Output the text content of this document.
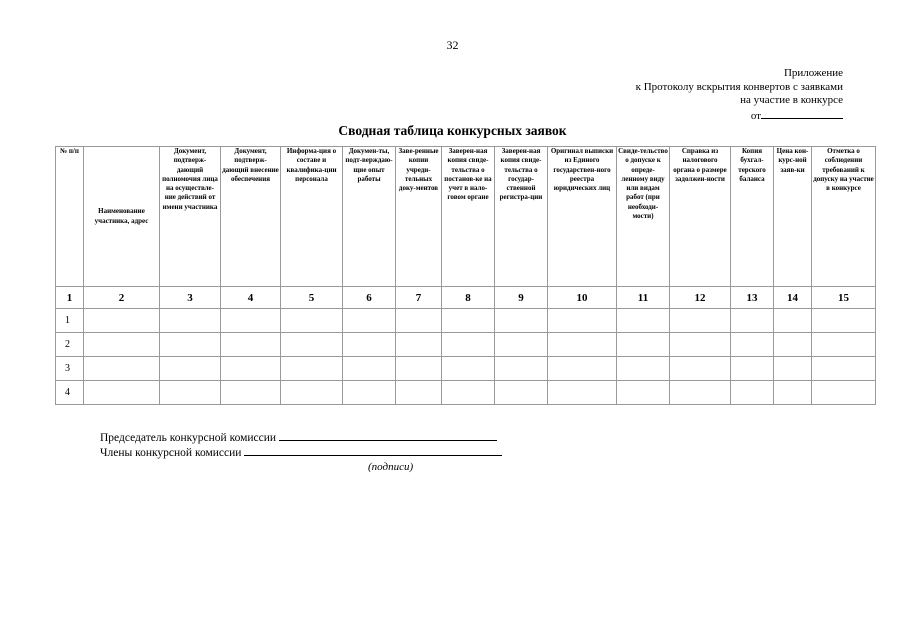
32
Приложение
к Протоколу вскрытия конвертов с заявками
на участие в конкурсе
от
Сводная таблица конкурсных заявок
№ п/п	Наименование участника, адрес	Документ, подтверж-дающий полномочия лица на осуществле-ние действий от имени участника	Документ, подтверж-дающий внесение обеспечения	Информа-ция о составе и квалифика-ции персонала	Докумен-ты, подт-верждаю-щие опыт работы	Заве-ренные копии учреди-тельных доку-ментов	Заверен-ная копия свиде-тельства о постанов-ке на учет в нало-говом органе	Заверен-ная копия свиде-тельства о государ-ственной регистра-ции	Оригинал выписки из Единого государствен-ного реестра юридических лиц	Свиде-тельство о допуске к опреде-ленному виду или видам работ (при необходи-мости)	Справка из налогового органа о размере задолжен-ности	Копия бухгал-терского баланса	Цена кон-курс-ной заяв-ки	Отметка о соблюдении требований к допуску на участие в конкурсе
1	2	3	4	5	6	7	8	9	10	11	12	13	14	15
1														
2														
3														
4														
Председатель конкурсной комиссии
Члены конкурсной комиссии
(подписи)
